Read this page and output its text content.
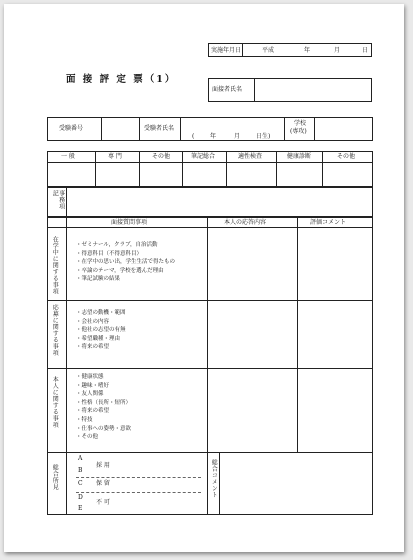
実施年月日	平成	年	月	日
面 接 評 定 票（1）
面接者氏名
受験番号	受験者氏名
(	年	月	日生)
学校
(専攻)
一 般	専 門	その他	筆記総合	適性検査	健康診断	その他
事務項記
面接質問事項	本人の応答内容	評価コメント
在学中に関する事項	・ゼミナール，クラブ，自治活動
・得意科目（不得意科目）
・在学中の思い出，学生生活で得たもの
・卒論のテーマ，学校を選んだ理由
・筆記試験の結果
応募に関する事項	・志望の動機・範囲
・会社の内容
・他社の志望の有無
・希望職種・理由
・将来の希望
本人に関する事項	・健康状態
・趣味・嗜好
・友人関係
・性格（長所・短所）
・将来の希望
・特技
・仕事への姿勢・意欲
・その他
総合所見
A
B
採 用
C 保 留
D
不 可
E
総合コメント
